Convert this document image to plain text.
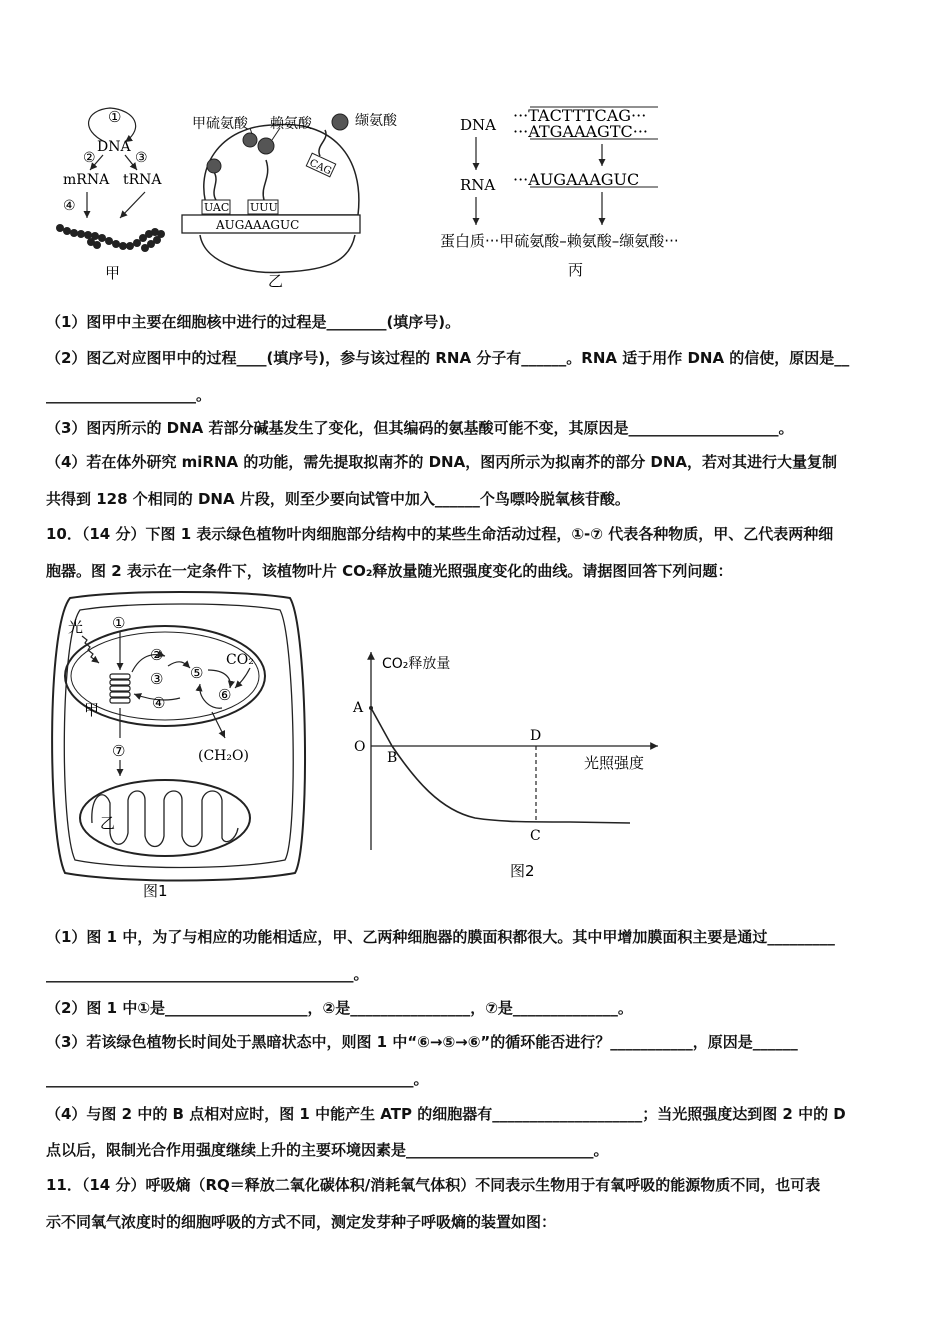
①
DNA
②	③
mRNA tRNA
④
甲
AUGAAAGUC
UAC UUU
CAG
甲硫氨酸 赖氨酸	缬氨酸
乙
DNA
RNA
···TACTTTCAG···
···ATGAAAGTC···
···AUGAAAGUC
蛋白质···甲硫氨酸–赖氨酸–缬氨酸···
丙
（1）图甲中主要在细胞核中进行的过程是________(填序号)。
（2）图乙对应图甲中的过程____(填序号)，参与该过程的 RNA 分子有______。RNA 适于用作 DNA 的信使，原因是__
____________________。
（3）图丙所示的 DNA 若部分碱基发生了变化，但其编码的氨基酸可能不变，其原因是____________________。
（4）若在体外研究 miRNA 的功能，需先提取拟南芥的 DNA，图丙所示为拟南芥的部分 DNA，若对其进行大量复制
共得到 128 个相同的 DNA 片段，则至少要向试管中加入______个鸟嘌呤脱氧核苷酸。
10．（14 分）下图 1 表示绿色植物叶肉细胞部分结构中的某些生命活动过程，①-⑦ 代表各种物质，甲、乙代表两种细
胞器。图 2 表示在一定条件下，该植物叶片 CO₂释放量随光照强度变化的曲线。请据图回答下列问题：
光 ①
②
③
④
⑤
⑥
CO₂
(CH₂O)
甲
⑦
乙
图1
CO₂释放量
光照强度
A
O
B
D
C
图2
（1）图 1 中，为了与相应的功能相适应，甲、乙两种细胞器的膜面积都很大。其中甲增加膜面积主要是通过_________
_________________________________________。
（2）图 1 中①是___________________，②是________________，⑦是______________。
（3）若该绿色植物长时间处于黑暗状态中，则图 1 中“⑥→⑤→⑥”的循环能否进行？___________，原因是______
_________________________________________________。
（4）与图 2 中的 B 点相对应时，图 1 中能产生 ATP 的细胞器有____________________；当光照强度达到图 2 中的 D
点以后，限制光合作用强度继续上升的主要环境因素是_________________________。
11．（14 分）呼吸熵（RQ＝释放二氧化碳体积/消耗氧气体积）不同表示生物用于有氧呼吸的能源物质不同，也可表
示不同氧气浓度时的细胞呼吸的方式不同，测定发芽种子呼吸熵的装置如图：
